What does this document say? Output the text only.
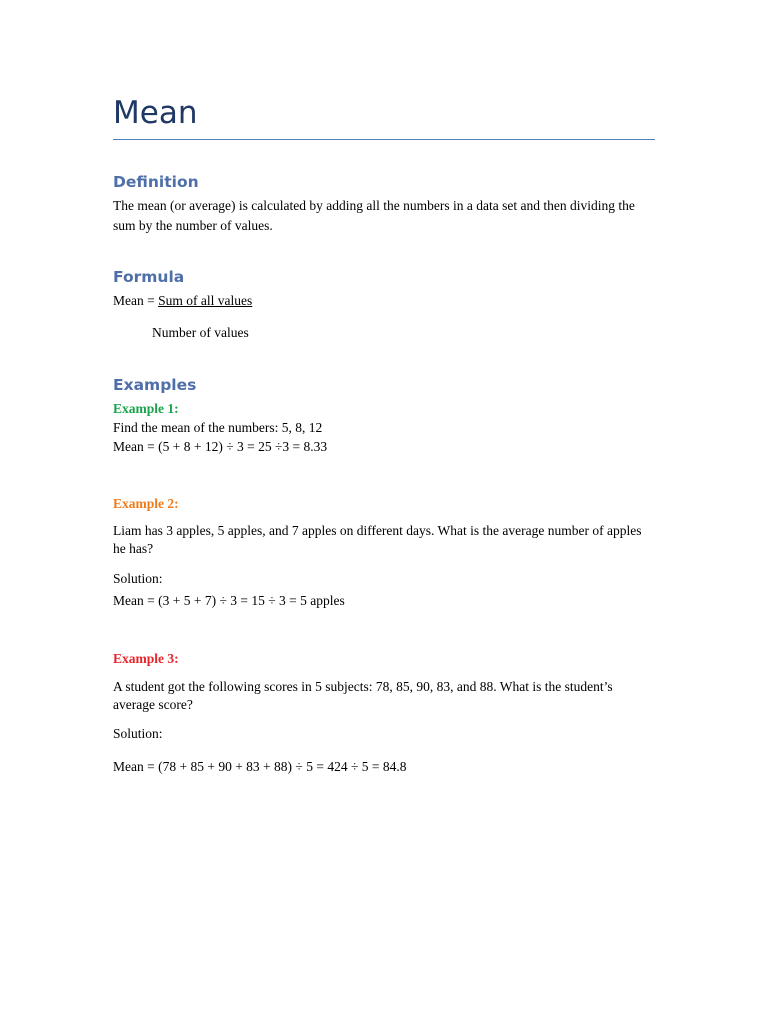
Mean
Definition
The mean (or average) is calculated by adding all the numbers in a data set and then dividing the sum by the number of values.
Formula
Mean = Sum of all values
Number of values
Examples
Example 1:
Find the mean of the numbers: 5, 8, 12
Mean = (5 + 8 + 12) ÷ 3 = 25 ÷3 = 8.33
Example 2:
Liam has 3 apples, 5 apples, and 7 apples on different days. What is the average number of apples he has?
Solution:
Mean = (3 + 5 + 7) ÷ 3 = 15 ÷ 3 = 5 apples
Example 3:
A student got the following scores in 5 subjects: 78, 85, 90, 83, and 88. What is the student’s average score?
Solution:
Mean = (78 + 85 + 90 + 83 + 88) ÷ 5 = 424 ÷ 5 = 84.8
